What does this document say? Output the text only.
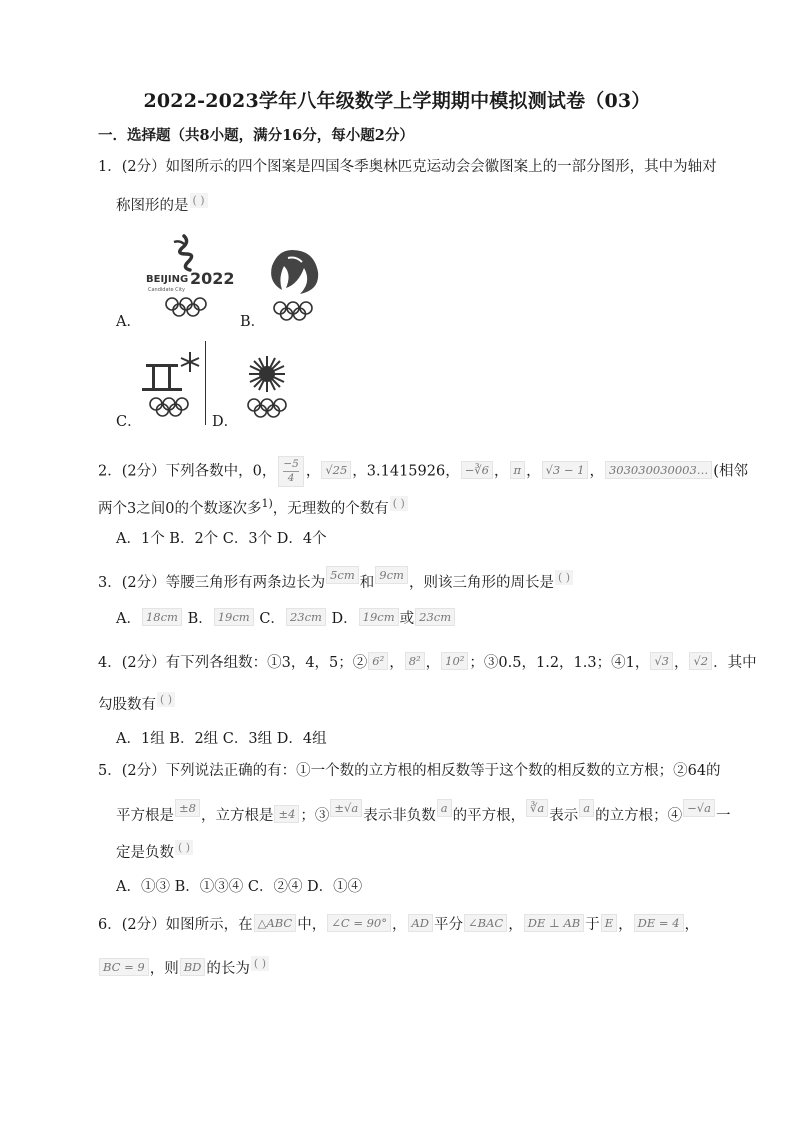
2022-2023学年八年级数学上学期期中模拟测试卷（03）
一．选择题（共8小题，满分16分，每小题2分）
1．(2分）如图所示的四个图案是四国冬季奥林匹克运动会会徽图案上的一部分图形，其中为轴对
称图形的是 ( )
A．
BEIJING 2022
Candidate City
B．
C．	D．
2．(2分）下列各数中，0， $\frac{-5}{4}$ ， √25 ，3.1415926， −∛6 ， π ， √3 − 1 ， 303030030003… (相邻
两个3之间0的个数逐次多$^{1)}$，无理数的个数有 ( )
A．1个 B．2个 C．3个 D．4个
3．(2分）等腰三角形有两条边长为 5cm 和 9cm ，则该三角形的周长是 ( )
A． 18cm B． 19cm C． 23cm D． 19cm 或 23cm
4．(2分）有下列各组数：①3，4，5；② 6² ， 8² ， 10² ；③0.5，1.2，1.3；④1， √3 ， √2 ．其中
勾股数有 ( )
A．1组 B．2组 C．3组 D．4组
5．(2分）下列说法正确的有：①一个数的立方根的相反数等于这个数的相反数的立方根；②64的
平方根是 ±8 ，立方根是 ±4 ；③ ±√a 表示非负数 a 的平方根， ∛a 表示 a 的立方根；④ −√a 一
定是负数 ( )
A．①③ B．①③④ C．②④ D．①④
6．(2分）如图所示，在 △ABC 中， ∠C = 90° ， AD 平分 ∠BAC ， DE ⊥ AB 于 E ， DE = 4 ，
BC = 9 ，则 BD 的长为 ( )
